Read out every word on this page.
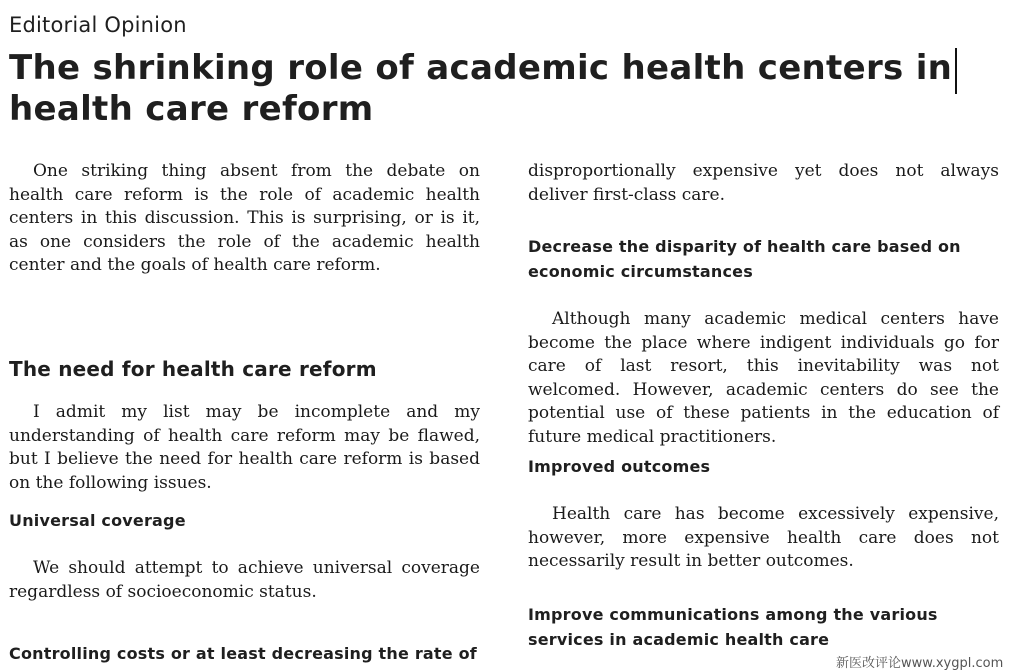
Editorial Opinion
The shrinking role of academic health centers in health care reform

One striking thing absent from the debate on health care reform is the role of academic health centers in this discussion. This is surprising, or is it, as one considers the role of the academic health center and the goals of health care reform.

The need for health care reform

I admit my list may be incomplete and my understanding of health care reform may be flawed, but I believe the need for health care reform is based on the following issues.

Universal coverage

We should attempt to achieve universal coverage regardless of socioeconomic status.

Controlling costs or at least decreasing the rate of

disproportionally expensive yet does not always deliver first-class care.

Decrease the disparity of health care based on economic circumstances

Although many academic medical centers have become the place where indigent individuals go for care of last resort, this inevitability was not welcomed. However, academic centers do see the potential use of these patients in the education of future medical practitioners.

Improved outcomes

Health care has become excessively expensive, however, more expensive health care does not necessarily result in better outcomes.

Improve communications among the various services in academic health care
新医改评论www.xygpl.com
